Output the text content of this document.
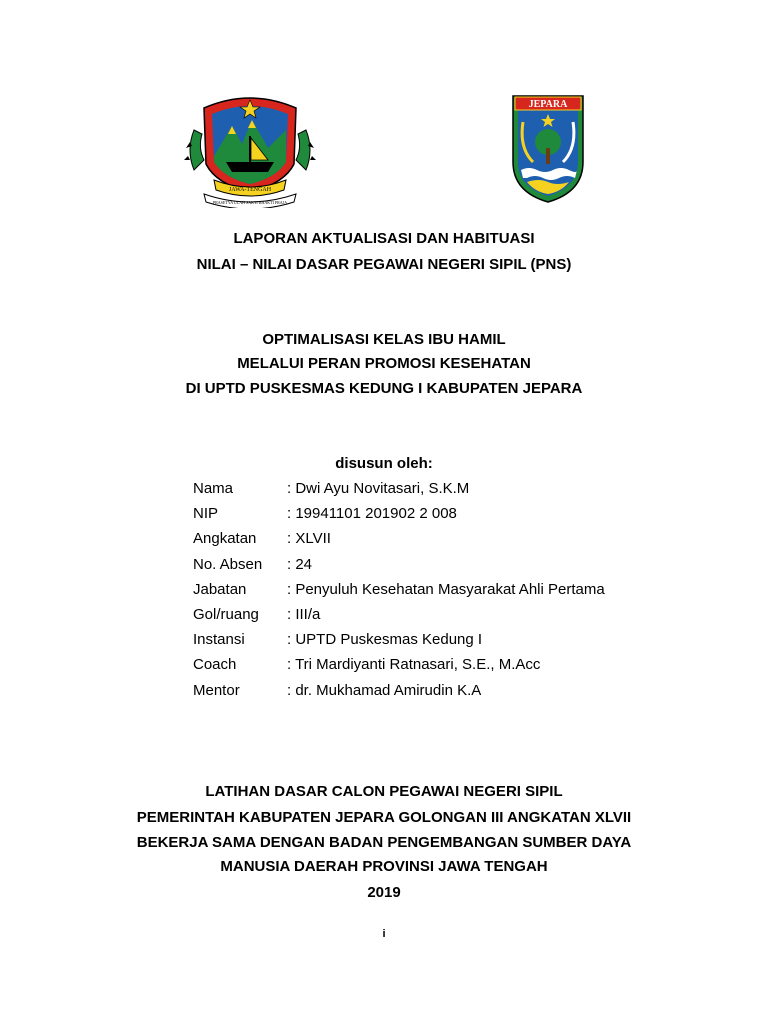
JAWA-TENGAH
PRASETYA ULAH SAKTI BHAKTI PRAJA
JEPARA
LAPORAN AKTUALISASI DAN HABITUASI
NILAI – NILAI DASAR PEGAWAI NEGERI SIPIL (PNS)
OPTIMALISASI KELAS IBU HAMIL
MELALUI PERAN PROMOSI KESEHATAN
DI UPTD PUSKESMAS KEDUNG I KABUPATEN JEPARA
disusun oleh:
Nama	: Dwi Ayu Novitasari, S.K.M
NIP	: 19941101 201902 2 008
Angkatan	: XLVII
No. Absen	: 24
Jabatan	: Penyuluh Kesehatan Masyarakat Ahli Pertama
Gol/ruang	: III/a
Instansi	: UPTD Puskesmas Kedung I
Coach	: Tri Mardiyanti Ratnasari, S.E., M.Acc
Mentor	: dr. Mukhamad Amirudin K.A
LATIHAN DASAR CALON PEGAWAI NEGERI SIPIL
PEMERINTAH KABUPATEN JEPARA GOLONGAN III ANGKATAN XLVII
BEKERJA SAMA DENGAN BADAN PENGEMBANGAN SUMBER DAYA
MANUSIA DAERAH PROVINSI JAWA TENGAH
2019
i
